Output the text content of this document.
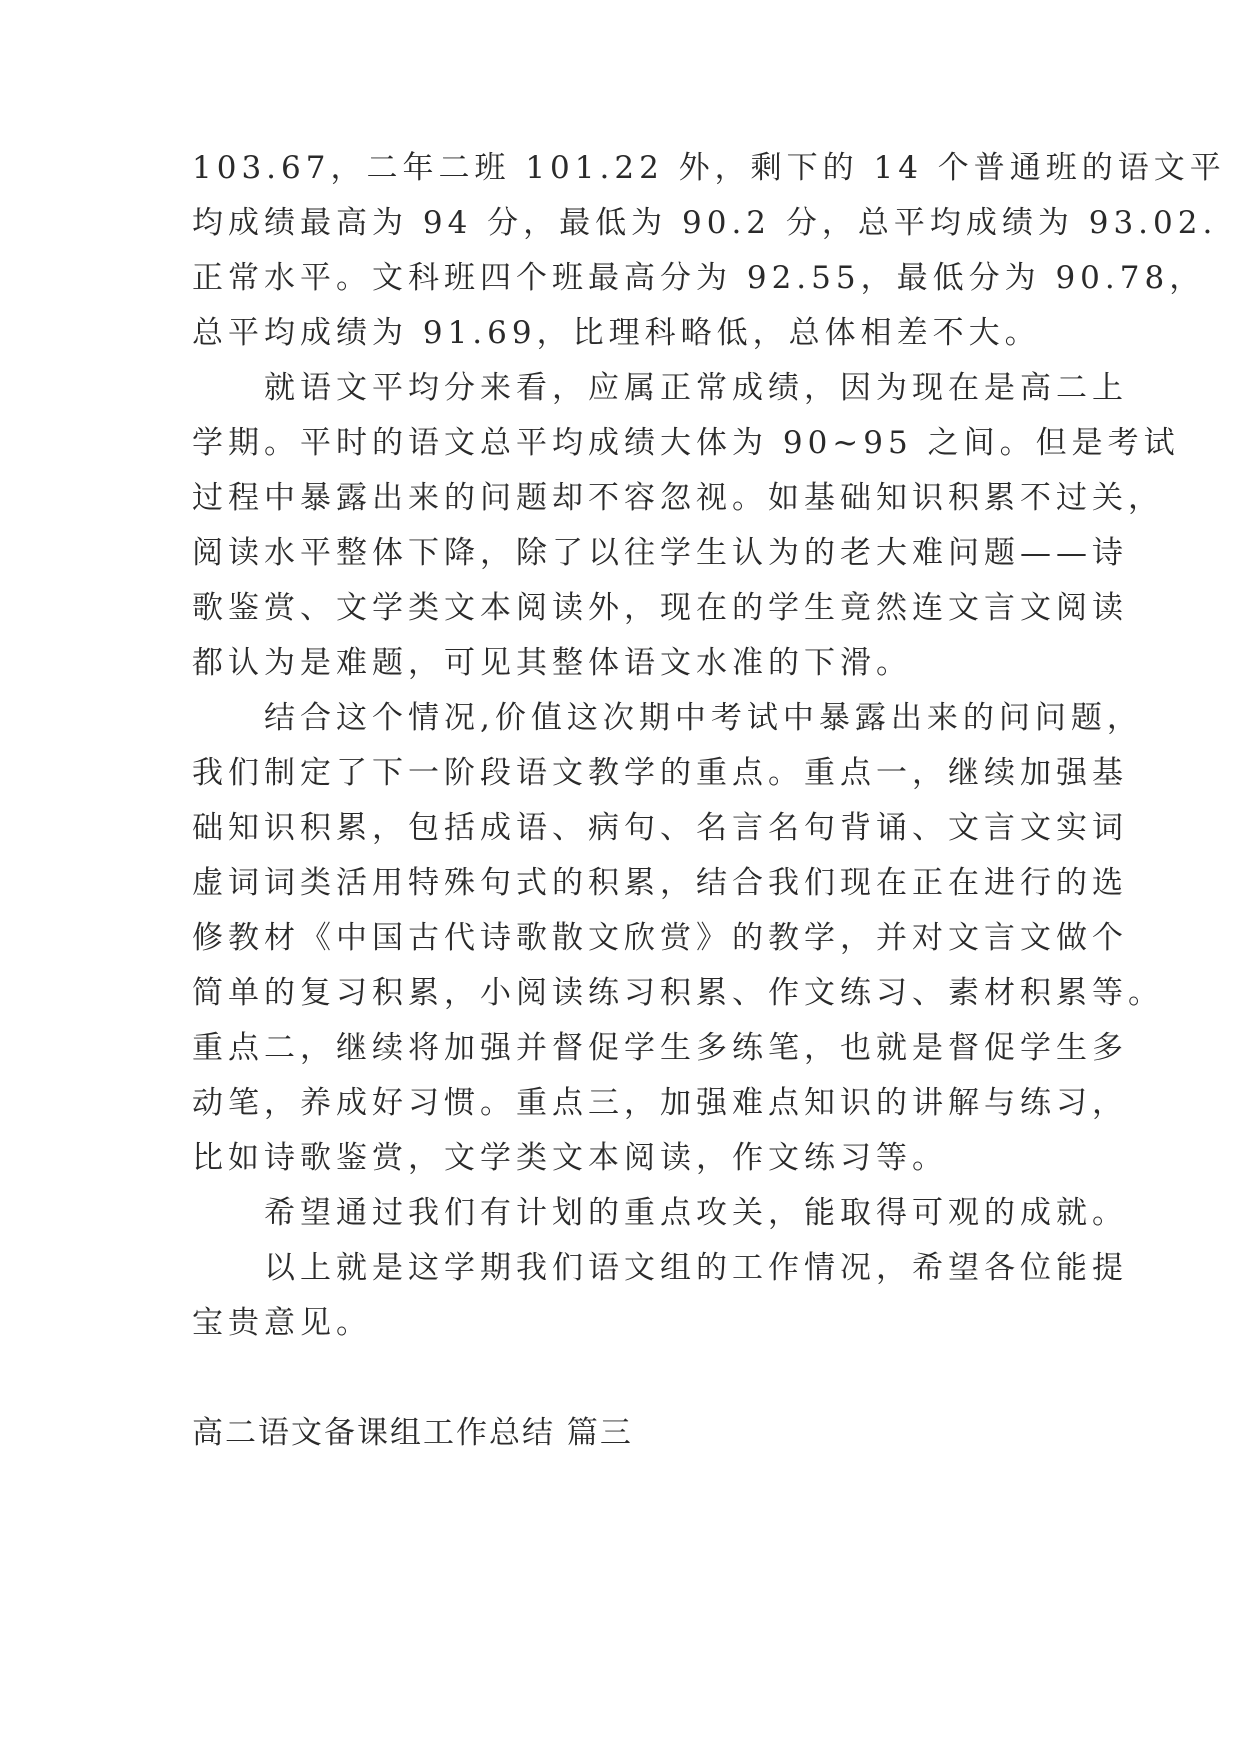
103.67，二年二班 101.22 外，剩下的 14 个普通班的语文平
均成绩最高为 94 分，最低为 90.2 分，总平均成绩为 93.02.
正常水平。文科班四个班最高分为 92.55，最低分为 90.78，
总平均成绩为 91.69，比理科略低，总体相差不大。
　　就语文平均分来看，应属正常成绩，因为现在是高二上
学期。平时的语文总平均成绩大体为 90~95 之间。但是考试
过程中暴露出来的问题却不容忽视。如基础知识积累不过关，
阅读水平整体下降，除了以往学生认为的老大难问题——诗
歌鉴赏、文学类文本阅读外，现在的学生竟然连文言文阅读
都认为是难题，可见其整体语文水准的下滑。
　　结合这个情况,价值这次期中考试中暴露出来的问问题，
我们制定了下一阶段语文教学的重点。重点一，继续加强基
础知识积累，包括成语、病句、名言名句背诵、文言文实词
虚词词类活用特殊句式的积累，结合我们现在正在进行的选
修教材《中国古代诗歌散文欣赏》的教学，并对文言文做个
简单的复习积累，小阅读练习积累、作文练习、素材积累等。
重点二，继续将加强并督促学生多练笔，也就是督促学生多
动笔，养成好习惯。重点三，加强难点知识的讲解与练习，
比如诗歌鉴赏，文学类文本阅读，作文练习等。
　　希望通过我们有计划的重点攻关，能取得可观的成就。
　　以上就是这学期我们语文组的工作情况，希望各位能提
宝贵意见。
高二语文备课组工作总结 篇三
